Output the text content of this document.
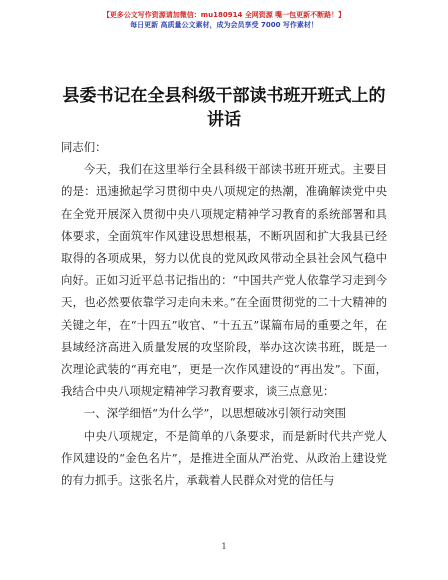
【更多公文写作资源请加微信：mu180914 全网资源 嘴一包更新不断路！】
每日更新 高质量公文素材，成为会员享受 7000 写作素材！
县委书记在全县科级干部读书班开班式上的讲话

同志们：

今天，我们在这里举行全县科级干部读书班开班式。主要目的是：迅速掀起学习贯彻中央八项规定的热潮，准确解读党中央在全党开展深入贯彻中央八项规定精神学习教育的系统部署和具体要求，全面筑牢作风建设思想根基，不断巩固和扩大我县已经取得的各项成果，努力以优良的党风政风带动全县社会风气稳中向好。正如习近平总书记指出的：“中国共产党人依靠学习走到今天，也必然要依靠学习走向未来。”在全面贯彻党的二十大精神的关键之年，在“十四五”收官、“十五五”谋篇布局的重要之年，在县域经济高进入质量发展的攻坚阶段，举办这次读书班，既是一次理论武装的“再充电”，更是一次作风建设的“再出发”。下面，我结合中央八项规定精神学习教育要求，谈三点意见：

一、深学细悟“为什么学”，以思想破冰引领行动突围

中央八项规定，不是简单的八条要求，而是新时代共产党人作风建设的“金色名片”，是推进全面从严治党、从政治上建设党的有力抓手。这张名片，承载着人民群众对党的信任与

1
